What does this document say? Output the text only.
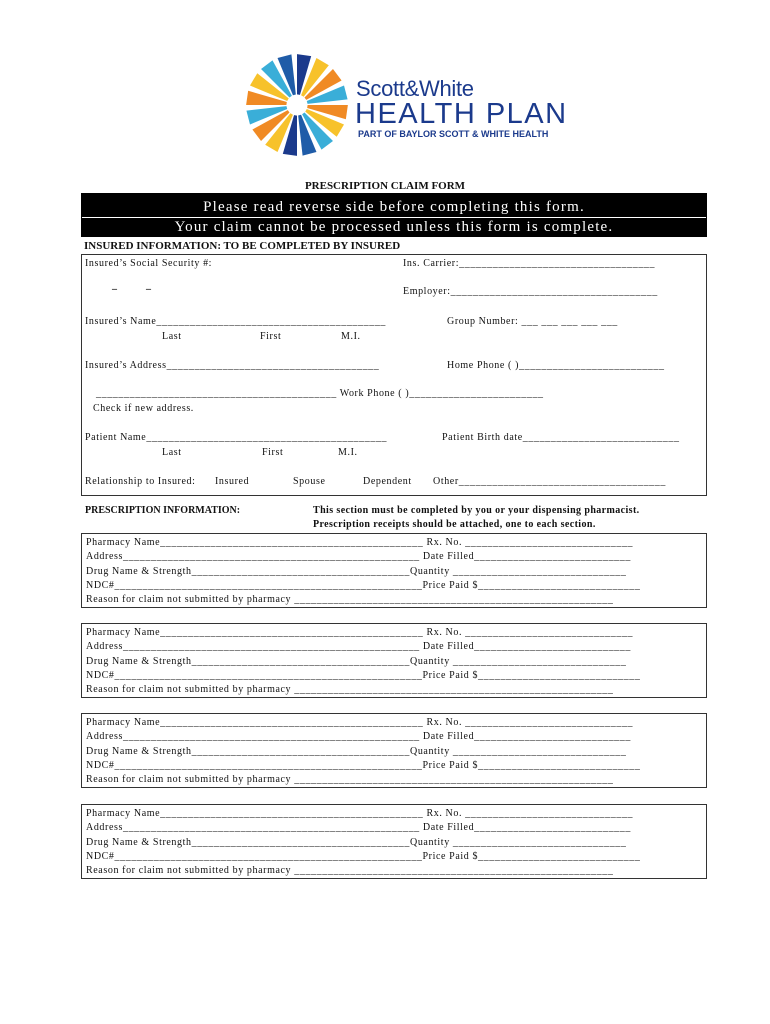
Scott&White
HEALTH PLAN
PART OF BAYLOR SCOTT & WHITE HEALTH
PRESCRIPTION CLAIM FORM
Please read reverse side before completing this form.
Your claim cannot be processed unless this form is complete.
INSURED INFORMATION: TO BE COMPLETED BY INSURED
Insured’s Social Security #:
–	–
Ins. Carrier:___________________________________
Employer:_____________________________________
Insured’s Name_________________________________________	Group Number: ___ ___ ___ ___ ___
Last	First	M.I.
Insured’s Address______________________________________	Home Phone ( )__________________________
___________________________________________ Work Phone ( )________________________
Check if new address.
Patient Name___________________________________________	Patient Birth date____________________________
Last	First	M.I.
Relationship to Insured: Insured	Spouse	Dependent Other_____________________________________
PRESCRIPTION INFORMATION:	This section must be completed by you or your dispensing pharmacist.
Prescription receipts should be attached, one to each section.
Pharmacy Name_______________________________________________ Rx. No. ______________________________
Address_____________________________________________________ Date Filled____________________________
Drug Name & Strength_______________________________________Quantity _______________________________
NDC#_______________________________________________________Price Paid $_____________________________
Reason for claim not submitted by pharmacy _________________________________________________________
Pharmacy Name_______________________________________________ Rx. No. ______________________________
Address_____________________________________________________ Date Filled____________________________
Drug Name & Strength_______________________________________Quantity _______________________________
NDC#_______________________________________________________Price Paid $_____________________________
Reason for claim not submitted by pharmacy _________________________________________________________
Pharmacy Name_______________________________________________ Rx. No. ______________________________
Address_____________________________________________________ Date Filled____________________________
Drug Name & Strength_______________________________________Quantity _______________________________
NDC#_______________________________________________________Price Paid $_____________________________
Reason for claim not submitted by pharmacy _________________________________________________________
Pharmacy Name_______________________________________________ Rx. No. ______________________________
Address_____________________________________________________ Date Filled____________________________
Drug Name & Strength_______________________________________Quantity _______________________________
NDC#_______________________________________________________Price Paid $_____________________________
Reason for claim not submitted by pharmacy _________________________________________________________
